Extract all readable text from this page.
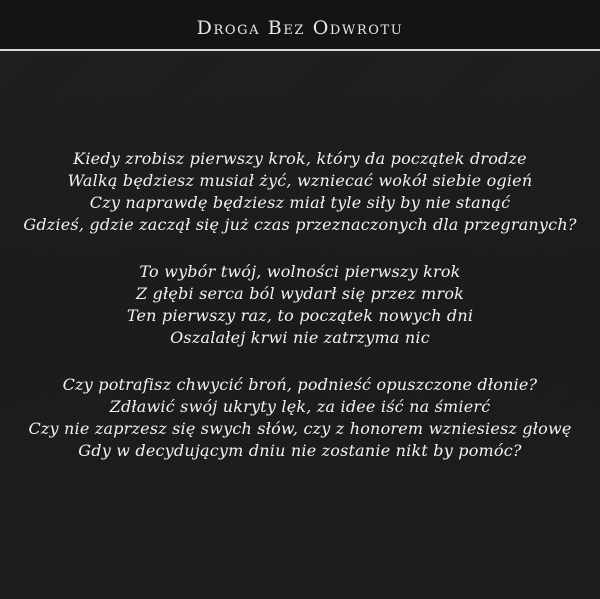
Droga Bez Odwrotu
Kiedy zrobisz pierwszy krok, który da początek drodze
Walką będziesz musiał żyć, wzniecać wokół siebie ogień
Czy naprawdę będziesz miał tyle siły by nie stanąć
Gdzieś, gdzie zaczął się już czas przeznaczonych dla przegranych?
To wybór twój, wolności pierwszy krok
Z głębi serca ból wydarł się przez mrok
Ten pierwszy raz, to początek nowych dni
Oszalałej krwi nie zatrzyma nic
Czy potrafisz chwycić broń, podnieść opuszczone dłonie?
Zdławić swój ukryty lęk, za idee iść na śmierć
Czy nie zaprzesz się swych słów, czy z honorem wzniesiesz głowę
Gdy w decydującym dniu nie zostanie nikt by pomóc?
